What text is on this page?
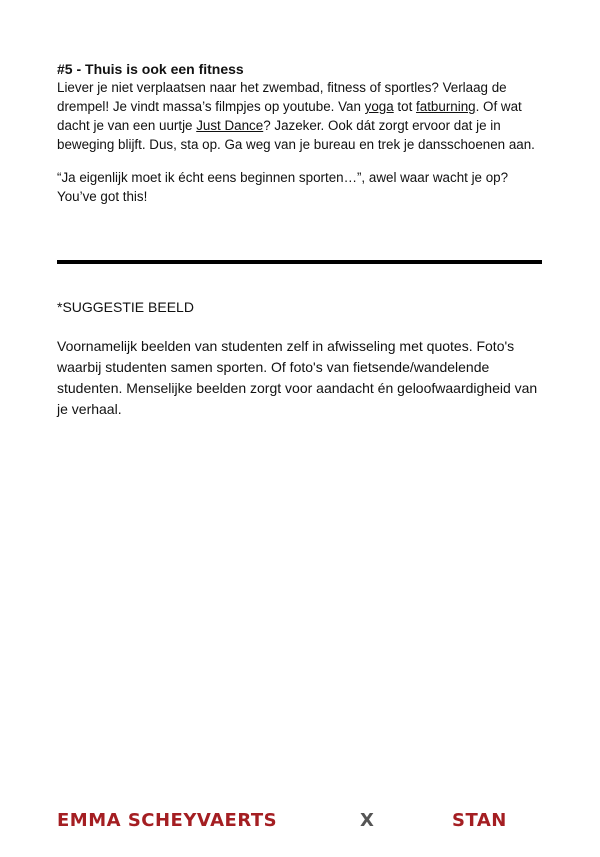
#5 - Thuis is ook een fitness

Liever je niet verplaatsen naar het zwembad, fitness of sportles? Verlaag de drempel! Je vindt massa’s filmpjes op youtube. Van yoga tot fatburning. Of wat dacht je van een uurtje Just Dance? Jazeker. Ook dát zorgt ervoor dat je in beweging blijft. Dus, sta op. Ga weg van je bureau en trek je dansschoenen aan.

“Ja eigenlijk moet ik écht eens beginnen sporten…”, awel waar wacht je op? You’ve got this!

*SUGGESTIE BEELD

Voornamelijk beelden van studenten zelf in afwisseling met quotes. Foto's waarbij studenten samen sporten. Of foto's van fietsende/wandelende studenten. Menselijke beelden zorgt voor aandacht én geloofwaardigheid van je verhaal.

EMMA SCHEYVAERTS	X	STAN
